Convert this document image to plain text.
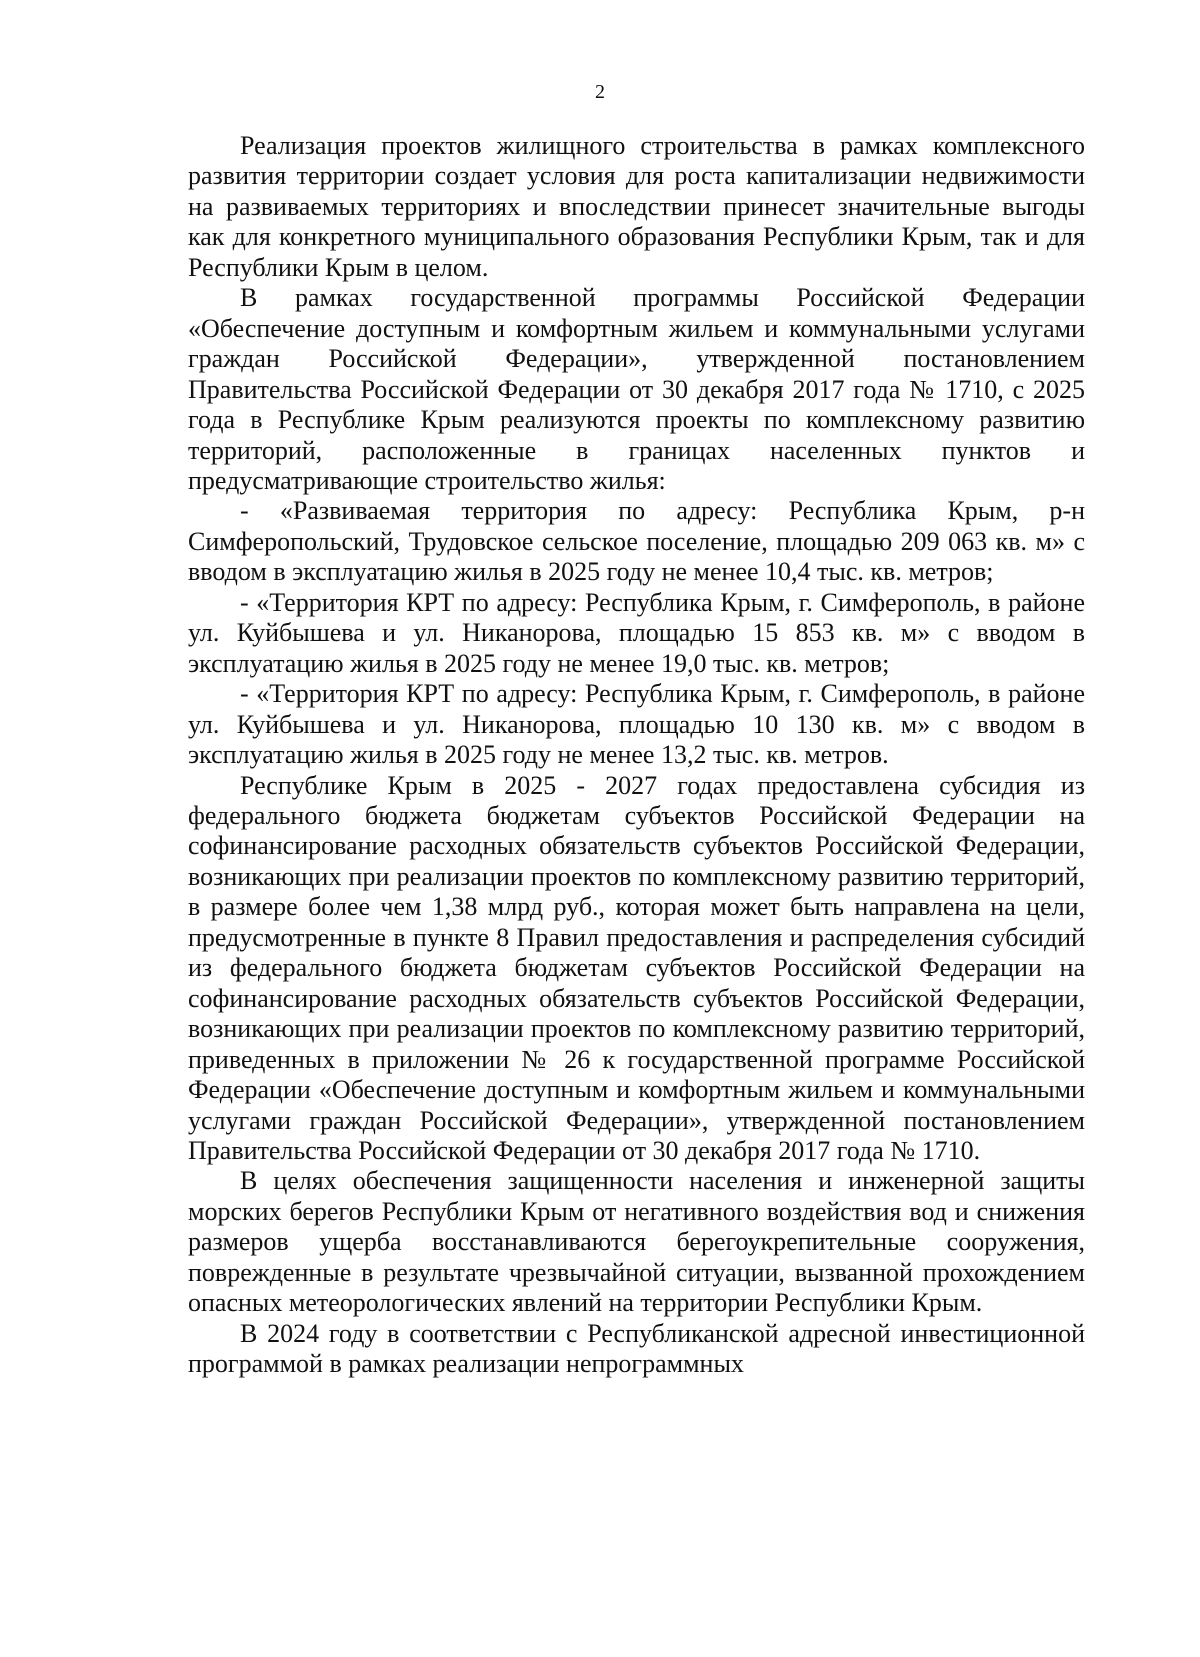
2

Реализация проектов жилищного строительства в рамках комплексного развития территории создает условия для роста капитализации недвижимости на развиваемых территориях и впоследствии принесет значительные выгоды как для конкретного муниципального образования Республики Крым, так и для Республики Крым в целом.

В рамках государственной программы Российской Федерации «Обеспечение доступным и комфортным жильем и коммунальными услугами граждан Российской Федерации», утвержденной постановлением Правительства Российской Федерации от 30 декабря 2017 года № 1710, с 2025 года в Республике Крым реализуются проекты по комплексному развитию территорий, расположенные в границах населенных пунктов и предусматривающие строительство жилья:

- «Развиваемая территория по адресу: Республика Крым, р-н Симферопольский, Трудовское сельское поселение, площадью 209 063 кв. м» с вводом в эксплуатацию жилья в 2025 году не менее 10,4 тыс. кв. метров;

- «Территория КРТ по адресу: Республика Крым, г. Симферополь, в районе ул. Куйбышева и ул. Никанорова, площадью 15 853 кв. м» с вводом в эксплуатацию жилья в 2025 году не менее 19,0 тыс. кв. метров;

- «Территория КРТ по адресу: Республика Крым, г. Симферополь, в районе ул. Куйбышева и ул. Никанорова, площадью 10 130 кв. м» с вводом в эксплуатацию жилья в 2025 году не менее 13,2 тыс. кв. метров.

Республике Крым в 2025 - 2027 годах предоставлена субсидия из федерального бюджета бюджетам субъектов Российской Федерации на софинансирование расходных обязательств субъектов Российской Федерации, возникающих при реализации проектов по комплексному развитию территорий, в размере более чем 1,38 млрд руб., которая может быть направлена на цели, предусмотренные в пункте 8 Правил предоставления и распределения субсидий из федерального бюджета бюджетам субъектов Российской Федерации на софинансирование расходных обязательств субъектов Российской Федерации, возникающих при реализации проектов по комплексному развитию территорий, приведенных в приложении № 26 к государственной программе Российской Федерации «Обеспечение доступным и комфортным жильем и коммунальными услугами граждан Российской Федерации», утвержденной постановлением Правительства Российской Федерации от 30 декабря 2017 года № 1710.

В целях обеспечения защищенности населения и инженерной защиты морских берегов Республики Крым от негативного воздействия вод и снижения размеров ущерба восстанавливаются берегоукрепительные сооружения, поврежденные в результате чрезвычайной ситуации, вызванной прохождением опасных метеорологических явлений на территории Республики Крым.

В 2024 году в соответствии с Республиканской адресной инвестиционной программой в рамках реализации непрограммных
